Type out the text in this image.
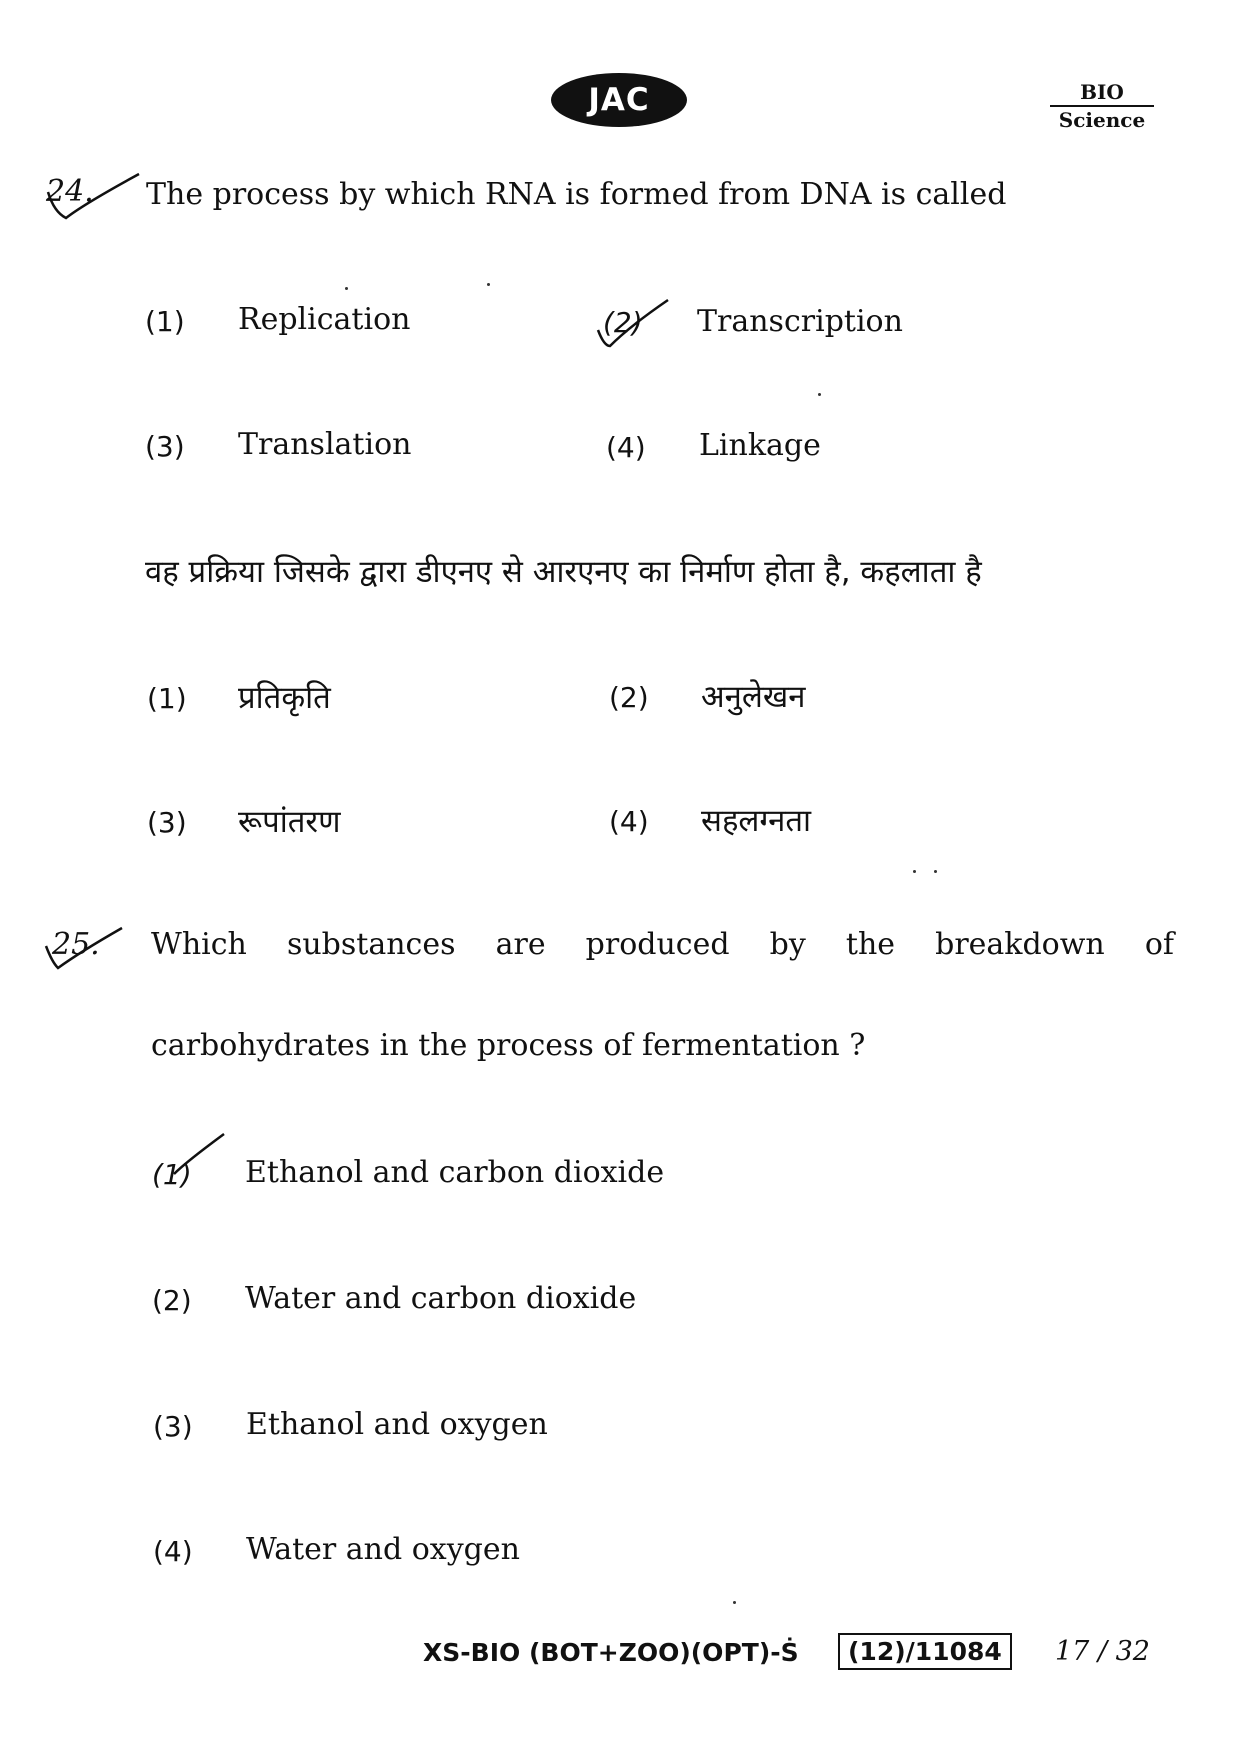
JAC	BIO
Science
24. The process by which RNA is formed from DNA is called
(1) Replication	(2) Transcription
(3) Translation	(4) Linkage
वह प्रक्रिया जिसके द्वारा डीएनए से आरएनए का निर्माण होता है, कहलाता है
(1) प्रतिकृति	(2) अनुलेखन
(3) रूपांतरण	(4) सहलग्नता
25. Which substances are produced by the breakdown of
carbohydrates in the process of fermentation ?
(1) Ethanol and carbon dioxide
(2) Water and carbon dioxide
(3) Ethanol and oxygen
(4) Water and oxygen
XS-BIO (BOT+ZOO)(OPT)-Ṡ	(12)/11084	17 / 32
